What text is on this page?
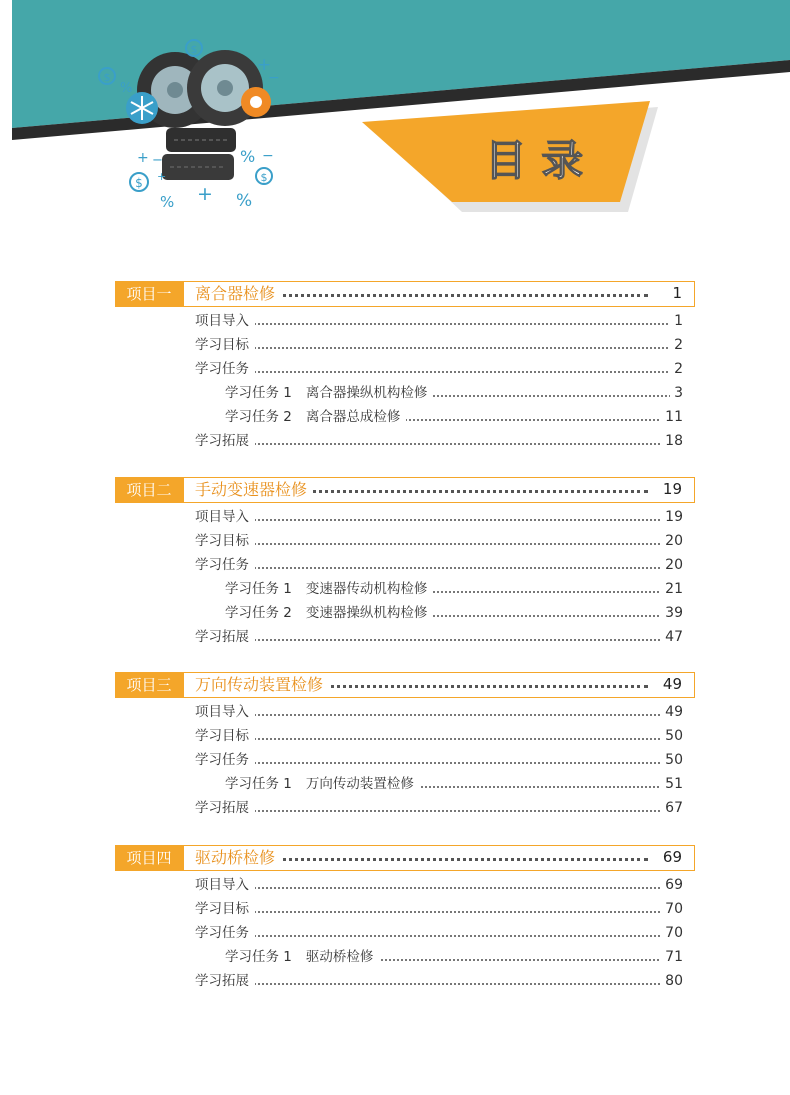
目 录
$
%
$
+
−
+ −
$ +
% +
% −
$
%
项目一	离合器检修	1
项目导入	1
学习目标	2
学习任务	2
学习任务 1 离合器操纵机构检修	3
学习任务 2 离合器总成检修	11
学习拓展	18
项目二	手动变速器检修	19
项目导入	19
学习目标	20
学习任务	20
学习任务 1 变速器传动机构检修	21
学习任务 2 变速器操纵机构检修	39
学习拓展	47
项目三	万向传动装置检修	49
项目导入	49
学习目标	50
学习任务	50
学习任务 1 万向传动装置检修	51
学习拓展	67
项目四	驱动桥检修	69
项目导入	69
学习目标	70
学习任务	70
学习任务 1 驱动桥检修	71
学习拓展	80
